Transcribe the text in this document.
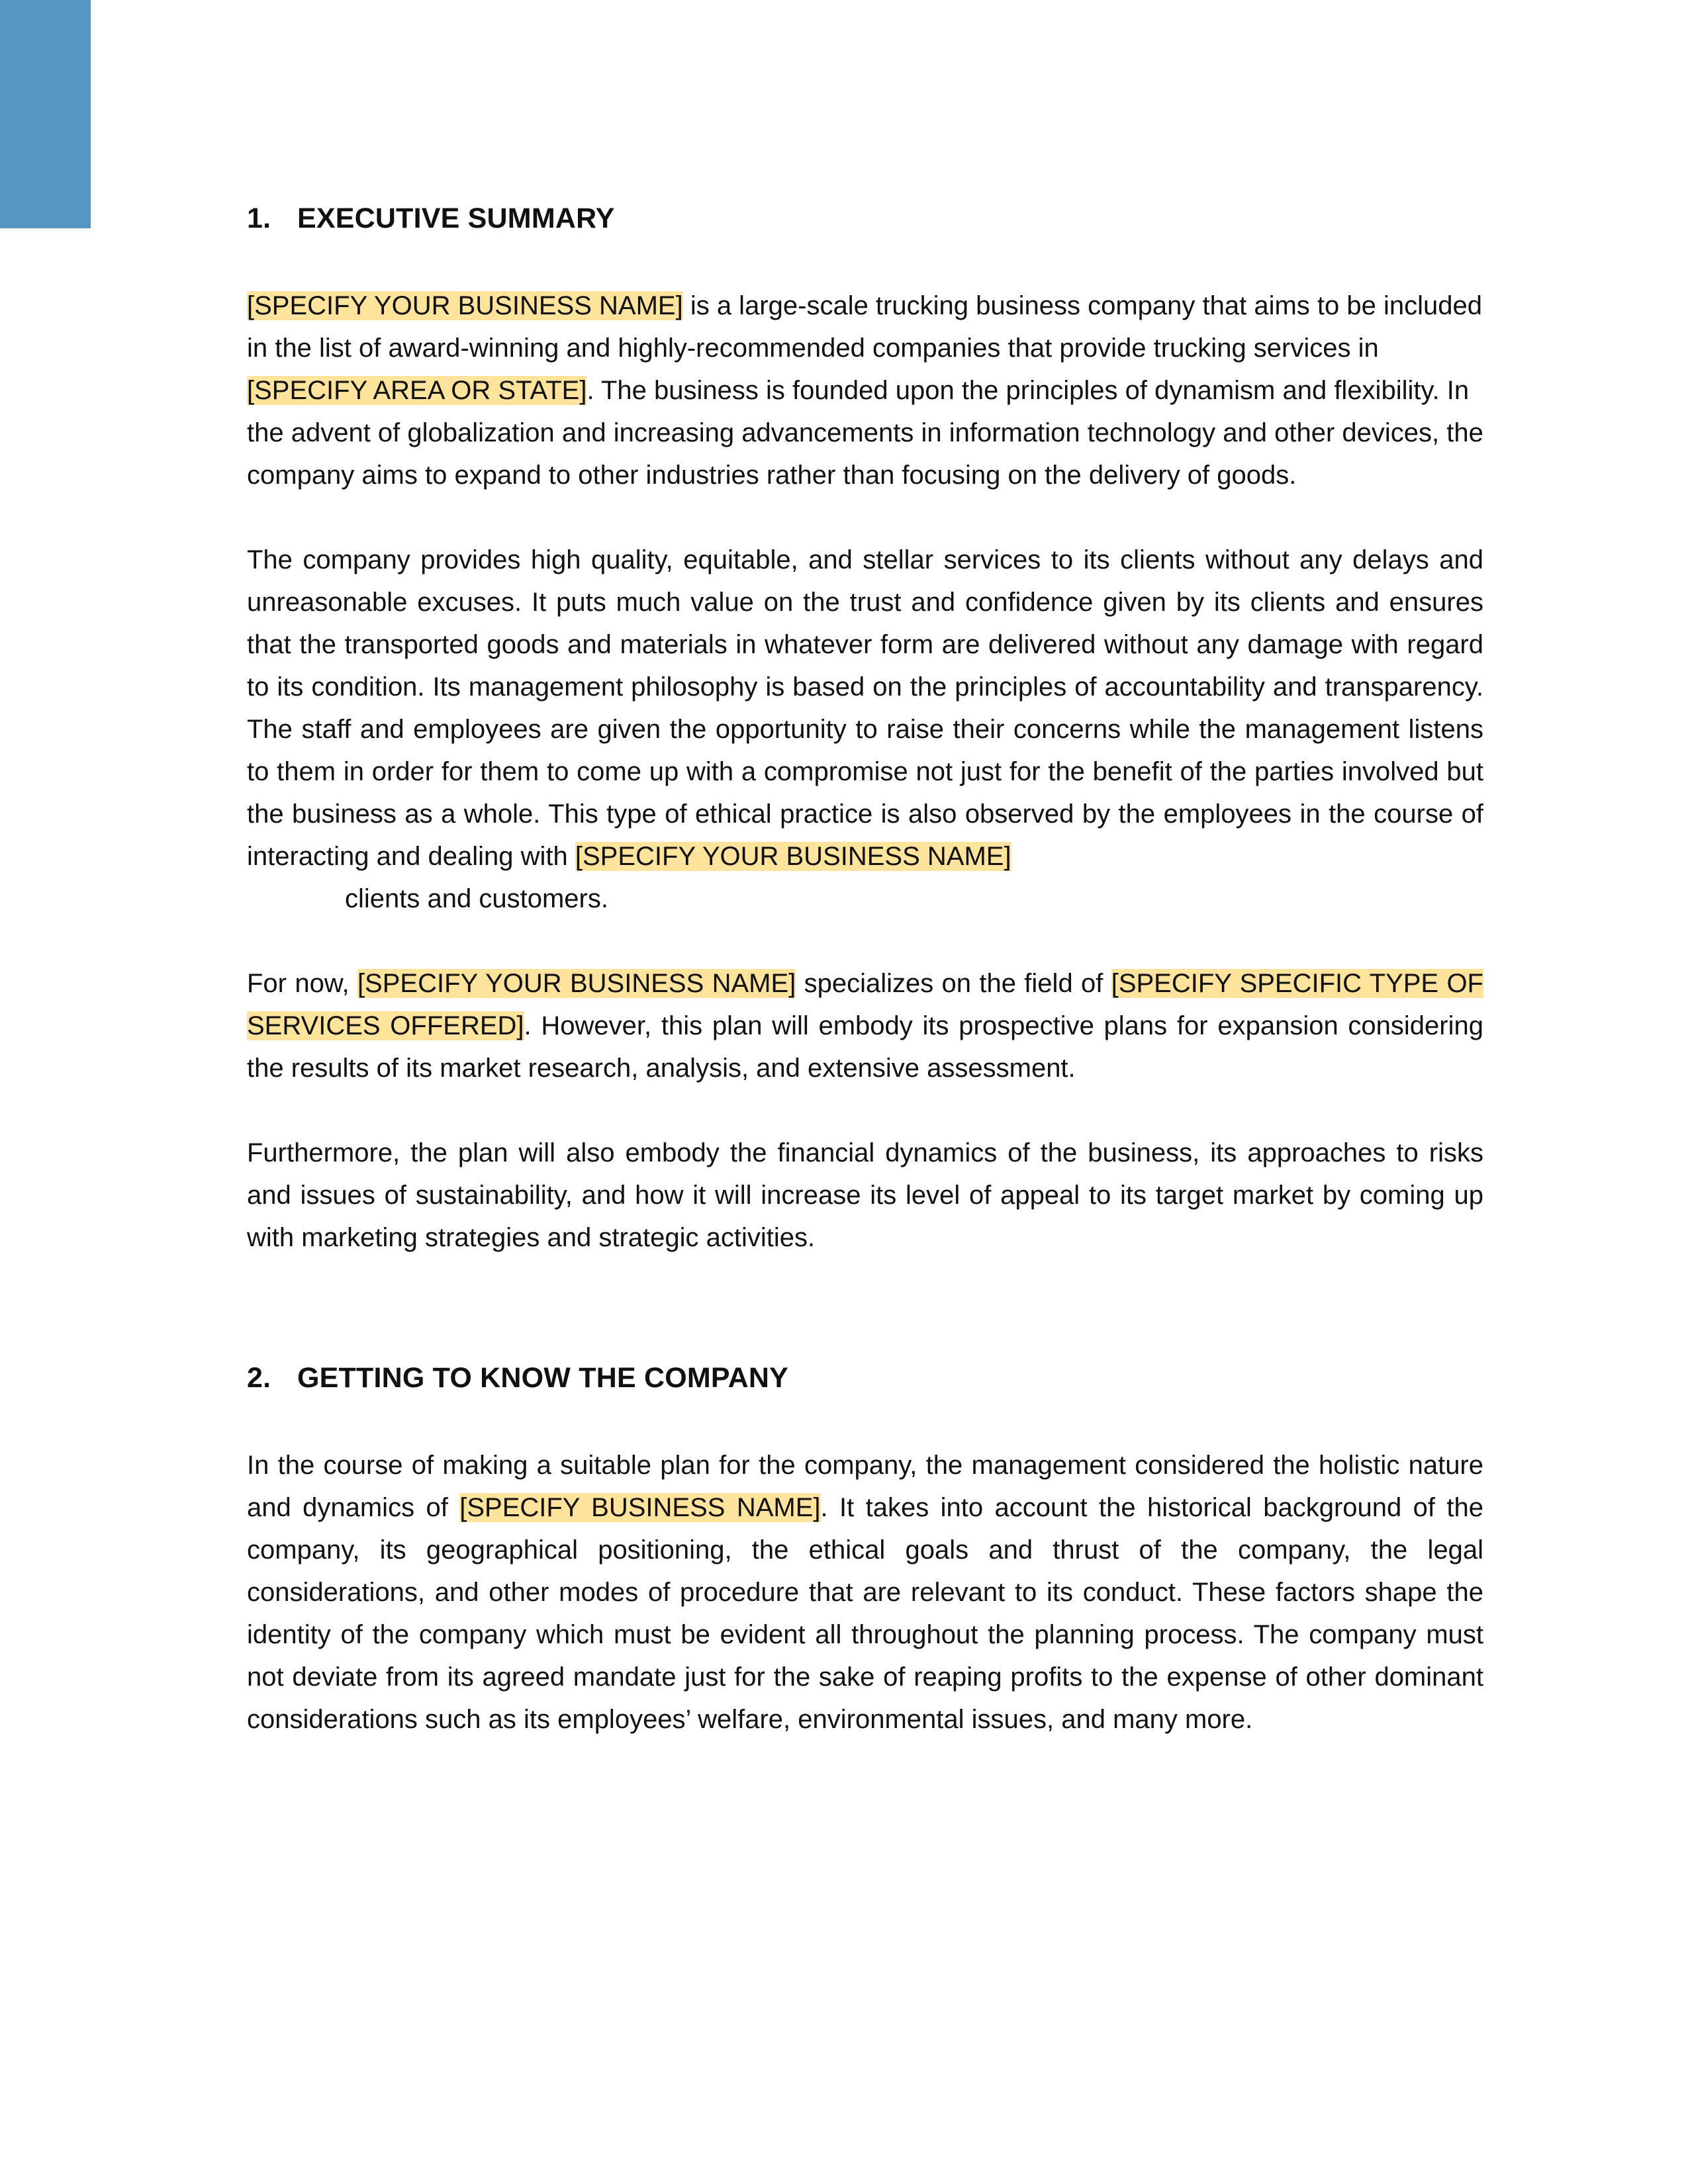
1. EXECUTIVE SUMMARY

[SPECIFY YOUR BUSINESS NAME] is a large-scale trucking business company that aims to be included in the list of award-winning and highly-recommended companies that provide trucking services in [SPECIFY AREA OR STATE]. The business is founded upon the principles of dynamism and flexibility. In the advent of globalization and increasing advancements in information technology and other devices, the company aims to expand to other industries rather than focusing on the delivery of goods.

The company provides high quality, equitable, and stellar services to its clients without any delays and unreasonable excuses. It puts much value on the trust and confidence given by its clients and ensures that the transported goods and materials in whatever form are delivered without any damage with regard to its condition. Its management philosophy is based on the principles of accountability and transparency. The staff and employees are given the opportunity to raise their concerns while the management listens to them in order for them to come up with a compromise not just for the benefit of the parties involved but the business as a whole. This type of ethical practice is also observed by the employees in the course of interacting and dealing with [SPECIFY YOUR BUSINESS NAME]

clients and customers.

For now, [SPECIFY YOUR BUSINESS NAME] specializes on the field of [SPECIFY SPECIFIC TYPE OF SERVICES OFFERED]. However, this plan will embody its prospective plans for expansion considering the results of its market research, analysis, and extensive assessment.

Furthermore, the plan will also embody the financial dynamics of the business, its approaches to risks and issues of sustainability, and how it will increase its level of appeal to its target market by coming up with marketing strategies and strategic activities.

2. GETTING TO KNOW THE COMPANY

In the course of making a suitable plan for the company, the management considered the holistic nature and dynamics of [SPECIFY BUSINESS NAME]. It takes into account the historical background of the company, its geographical positioning, the ethical goals and thrust of the company, the legal considerations, and other modes of procedure that are relevant to its conduct. These factors shape the identity of the company which must be evident all throughout the planning process. The company must not deviate from its agreed mandate just for the sake of reaping profits to the expense of other dominant considerations such as its employees’ welfare, environmental issues, and many more.
